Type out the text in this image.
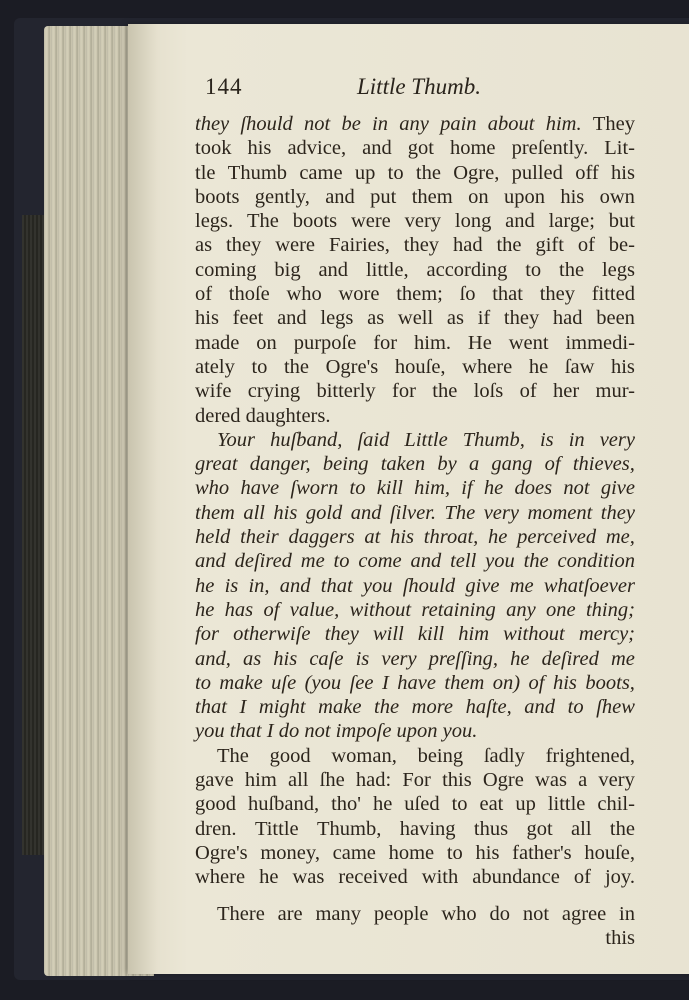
144	Little Thumb.
they ſhould not be in any pain about him. They
took his advice, and got home preſently. Lit-
tle Thumb came up to the Ogre, pulled off his
boots gently, and put them on upon his own
legs. The boots were very long and large; but
as they were Fairies, they had the gift of be-
coming big and little, according to the legs
of thoſe who wore them; ſo that they fitted
his feet and legs as well as if they had been
made on purpoſe for him. He went immedi-
ately to the Ogre's houſe, where he ſaw his
wife crying bitterly for the loſs of her mur-
dered daughters.
Your huſband, ſaid Little Thumb, is in very
great danger, being taken by a gang of thieves,
who have ſworn to kill him, if he does not give
them all his gold and ſilver. The very moment they
held their daggers at his throat, he perceived me,
and deſired me to come and tell you the condition
he is in, and that you ſhould give me whatſoever
he has of value, without retaining any one thing;
for otherwiſe they will kill him without mercy;
and, as his caſe is very preſſing, he deſired me
to make uſe (you ſee I have them on) of his boots,
that I might make the more haſte, and to ſhew
you that I do not impoſe upon you.
The good woman, being ſadly frightened,
gave him all ſhe had: For this Ogre was a very
good huſband, tho' he uſed to eat up little chil-
dren. Tittle Thumb, having thus got all the
Ogre's money, came home to his father's houſe,
where he was received with abundance of joy.
There are many people who do not agree in
this
